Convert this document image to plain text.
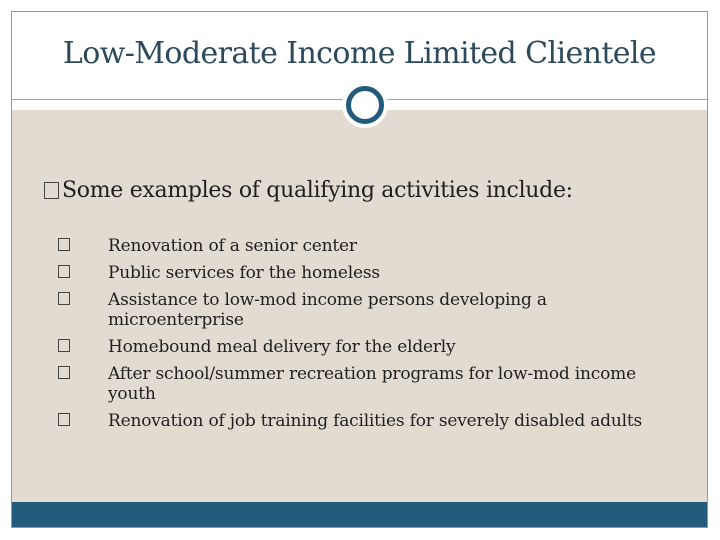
Low-Moderate Income Limited Clientele
Some examples of qualifying activities include:
Renovation of a senior center
Public services for the homeless
Assistance to low-mod income persons developing a microenterprise
Homebound meal delivery for the elderly
After school/summer recreation programs for low-mod income youth
Renovation of job training facilities for severely disabled adults
